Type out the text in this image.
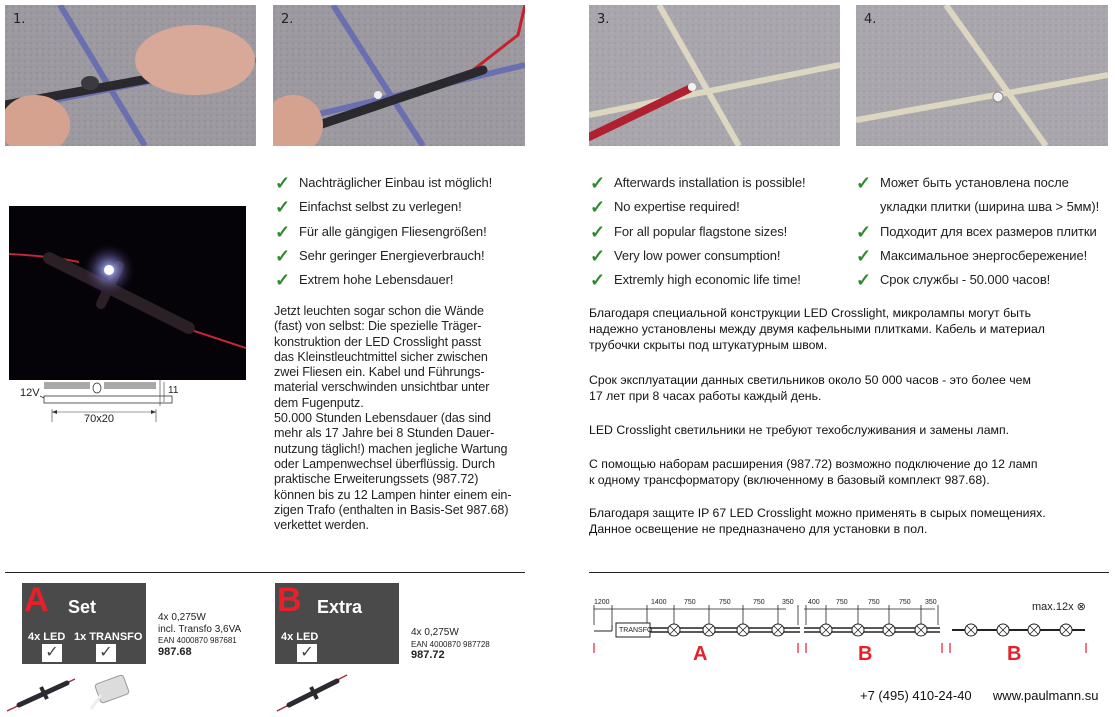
1.	2.	3.	4.
12V	11
70x20
✓ Nachträglicher Einbau ist möglich!
✓ Einfachst selbst zu verlegen!
✓ Für alle gängigen Fliesengrößen!
✓ Sehr geringer Energieverbrauch!
✓ Extrem hohe Lebensdauer!
Jetzt leuchten sogar schon die Wände
(fast) von selbst: Die spezielle Träger-
konstruktion der LED Crosslight passt
das Kleinstleuchtmittel sicher zwischen
zwei Fliesen ein. Kabel und Führungs-
material verschwinden unsichtbar unter
dem Fugenputz.
50.000 Stunden Lebensdauer (das sind
mehr als 17 Jahre bei 8 Stunden Dauer-
nutzung täglich!) machen jegliche Wartung
oder Lampenwechsel überflüssig. Durch
praktische Erweiterungssets (987.72)
können bis zu 12 Lampen hinter einem ein-
zigen Trafo (enthalten in Basis-Set 987.68)
verkettet werden.
✓ Afterwards installation is possible!
✓ No expertise required!
✓ For all popular flagstone sizes!
✓ Very low power consumption!
✓ Extremly high economic life time!
✓ Может быть установлена после
укладки плитки (ширина шва > 5мм)!
✓ Подходит для всех размеров плитки
✓ Максимальное энергосбережение!
✓ Срок службы - 50.000 часов!
Благодаря специальной конструкции LED Crosslight, микролампы могут быть
надежно установлены между двумя кафельными плитками. Кабель и материал
трубочки скрыты под штукатурным швом.
Срок эксплуатации данных светильников около 50 000 часов - это более чем
17 лет при 8 часах работы каждый день.
LED Crosslight светильники не требуют техобслуживания и замены ламп.
С помощью наборам расширения (987.72) возможно подключение до 12 ламп
к одному трансформатору (включенному в базовый комплект 987.68).
Благодаря защите IP 67 LED Crosslight можно применять в сырых помещениях.
Данное освещение не предназначено для установки в пол.
A Set
4x LED 1x TRANSFO
✓	✓
4x 0,275W
incl. Transfo 3,6VA
EAN 4000870 987681
987.68
B Extra
4x LED
✓
4x 0,275W
EAN 4000870 987728
987.72
1200	1400 750	750	750 350 400 750	750	750 350
TRANSFO
max.12x ⊗
A	B	B
+7 (495) 410-24-40 www.paulmann.su
